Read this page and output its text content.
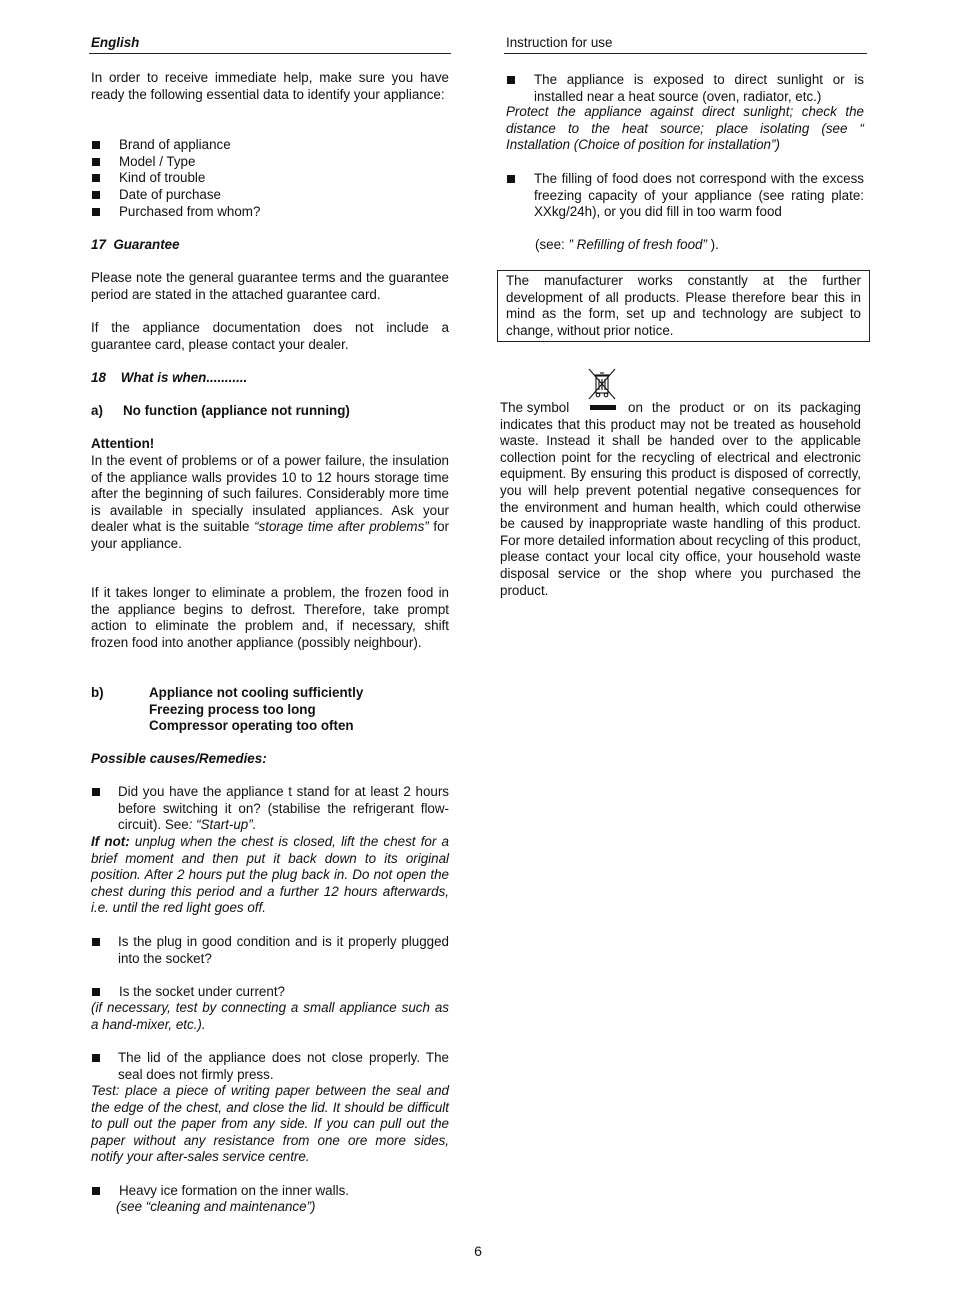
English	Instruction for use
In order to receive immediate help, make sure you have ready the following essential data to identify your appliance:
Brand of appliance
Model / Type
Kind of trouble
Date of purchase
Purchased from whom?
17  Guarantee
Please note the general guarantee terms and the guarantee period are stated in the attached guarantee card.
If the appliance documentation does not include a guarantee card, please contact your dealer.
18    What is when...........
a) No function (appliance not running)
Attention!
In the event of problems or of a power failure, the insulation of the appliance walls provides 10 to 12 hours storage time after the beginning of such failures. Considerably more time is available in specially insulated appliances. Ask your dealer what is the suitable “storage time after problems” for your appliance.
If it takes longer to eliminate a problem, the frozen food in the appliance begins to defrost. Therefore, take prompt action to eliminate the problem and, if necessary, shift frozen food into another appliance (possibly neighbour).
b)	Appliance not cooling sufficiently
Freezing process too long
Compressor operating too often
Possible causes/Remedies:
Did you have the appliance t stand for at least 2 hours before switching it on? (stabilise the refrigerant flow-circuit). See: “Start-up”.
If not: unplug when the chest is closed, lift the chest for a brief moment and then put it back down to its original position. After 2 hours put the plug back in. Do not open the chest during this period and a further 12 hours afterwards, i.e. until the red light goes off.
Is the plug in good condition and is it properly plugged into the socket?
Is the socket under current?
(if necessary, test by connecting a small appliance such as a hand-mixer, etc.).
The lid of the appliance does not close properly. The seal does not firmly press.
Test: place a piece of writing paper between the seal and the edge of the chest, and close the lid. It should be difficult to pull out the paper from any side. If you can pull out the paper without any resistance from one ore more sides, notify your after-sales service centre.
Heavy ice formation on the inner walls.
(see “cleaning and maintenance”)
The appliance is exposed to direct sunlight or is installed near a heat source (oven, radiator, etc.)
Protect the appliance against direct sunlight; check the distance to the heat source; place isolating (see “ Installation (Choice of position for installation”)
The filling of food does not correspond with the excess freezing capacity of your appliance (see rating plate: XXkg/24h), or you did fill in too warm food
(see: ” Refilling of fresh food” ).

The manufacturer works constantly at the further development of all products. Please therefore bear this in mind as the form, set up and technology are subject to change, without prior notice.

The symbol	on the product or on its packaging indicates that this product may not be treated as household waste. Instead it shall be handed over to the applicable collection point for the recycling of electrical and electronic equipment. By ensuring this product is disposed of correctly, you will help prevent potential negative consequences for the environment and human health, which could otherwise be caused by inappropriate waste handling of this product. For more detailed information about recycling of this product, please contact your local city office, your household waste disposal service or the shop where you purchased the product.
6
